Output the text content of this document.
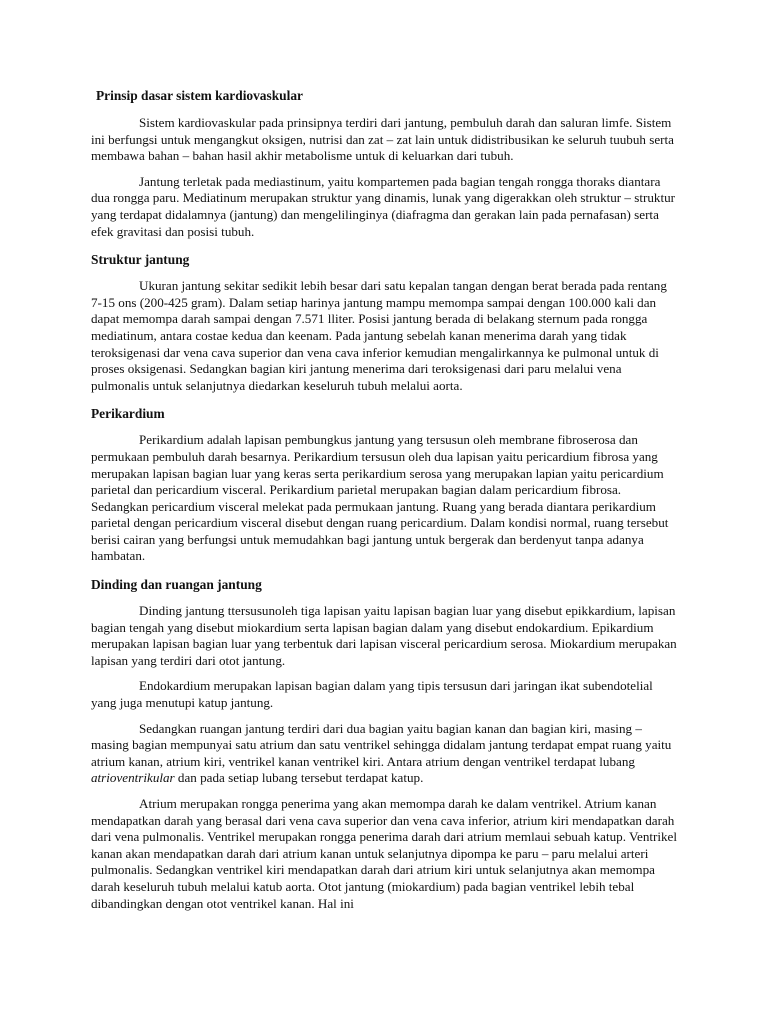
Prinsip dasar sistem kardiovaskular

Sistem kardiovaskular pada prinsipnya terdiri dari jantung, pembuluh darah dan saluran limfe. Sistem ini berfungsi untuk mengangkut oksigen, nutrisi dan zat – zat lain untuk didistribusikan ke seluruh tuubuh serta membawa bahan – bahan hasil akhir metabolisme untuk di keluarkan dari tubuh.

Jantung terletak pada mediastinum, yaitu kompartemen pada bagian tengah rongga thoraks diantara dua rongga paru. Mediatinum merupakan struktur yang dinamis, lunak yang digerakkan oleh struktur – struktur yang terdapat didalamnya (jantung) dan mengelilinginya (diafragma dan gerakan lain pada pernafasan) serta efek gravitasi dan posisi tubuh.

Struktur jantung

Ukuran jantung sekitar sedikit lebih besar dari satu kepalan tangan dengan berat berada pada rentang 7-15 ons (200-425 gram). Dalam setiap harinya jantung mampu memompa sampai dengan 100.000 kali dan dapat memompa darah sampai dengan 7.571 lliter. Posisi jantung berada di belakang sternum pada rongga mediatinum, antara costae kedua dan keenam. Pada jantung sebelah kanan menerima darah yang tidak teroksigenasi dar vena cava superior dan vena cava inferior kemudian mengalirkannya ke pulmonal untuk di proses oksigenasi. Sedangkan bagian kiri jantung menerima dari teroksigenasi dari paru melalui vena pulmonalis untuk selanjutnya diedarkan keseluruh tubuh melalui aorta.

Perikardium

Perikardium adalah lapisan pembungkus jantung yang tersusun oleh membrane fibroserosa dan permukaan pembuluh darah besarnya. Perikardium tersusun oleh dua lapisan yaitu pericardium fibrosa yang merupakan lapisan bagian luar yang keras serta perikardium serosa yang merupakan lapian yaitu pericardium parietal dan pericardium visceral. Perikardium parietal merupakan bagian dalam pericardium fibrosa. Sedangkan pericardium visceral melekat pada permukaan jantung. Ruang yang berada diantara perikardium parietal dengan pericardium visceral disebut dengan ruang pericardium. Dalam kondisi normal, ruang tersebut berisi cairan yang berfungsi untuk memudahkan bagi jantung untuk bergerak dan berdenyut tanpa adanya hambatan.

Dinding dan ruangan jantung

Dinding jantung ttersusunoleh tiga lapisan yaitu lapisan bagian luar yang disebut epikkardium, lapisan bagian tengah yang disebut miokardium serta lapisan bagian dalam yang disebut endokardium. Epikardium merupakan lapisan bagian luar yang terbentuk dari lapisan visceral pericardium serosa. Miokardium merupakan lapisan yang terdiri dari otot jantung.

Endokardium merupakan lapisan bagian dalam yang tipis tersusun dari jaringan ikat subendotelial yang juga menutupi katup jantung.

Sedangkan ruangan jantung terdiri dari dua bagian yaitu bagian kanan dan bagian kiri, masing – masing bagian mempunyai satu atrium dan satu ventrikel sehingga didalam jantung terdapat empat ruang yaitu atrium kanan, atrium kiri, ventrikel kanan ventrikel kiri. Antara atrium dengan ventrikel terdapat lubang atrioventrikular dan pada setiap lubang tersebut terdapat katup.

Atrium merupakan rongga penerima yang akan memompa darah ke dalam ventrikel. Atrium kanan mendapatkan darah yang berasal dari vena cava superior dan vena cava inferior, atrium kiri mendapatkan darah dari vena pulmonalis. Ventrikel merupakan rongga penerima darah dari atrium memlaui sebuah katup. Ventrikel kanan akan mendapatkan darah dari atrium kanan untuk selanjutnya dipompa ke paru – paru melalui arteri pulmonalis. Sedangkan ventrikel kiri mendapatkan darah dari atrium kiri untuk selanjutnya akan memompa darah keseluruh tubuh melalui katub aorta. Otot jantung (miokardium) pada bagian ventrikel lebih tebal dibandingkan dengan otot ventrikel kanan. Hal ini
